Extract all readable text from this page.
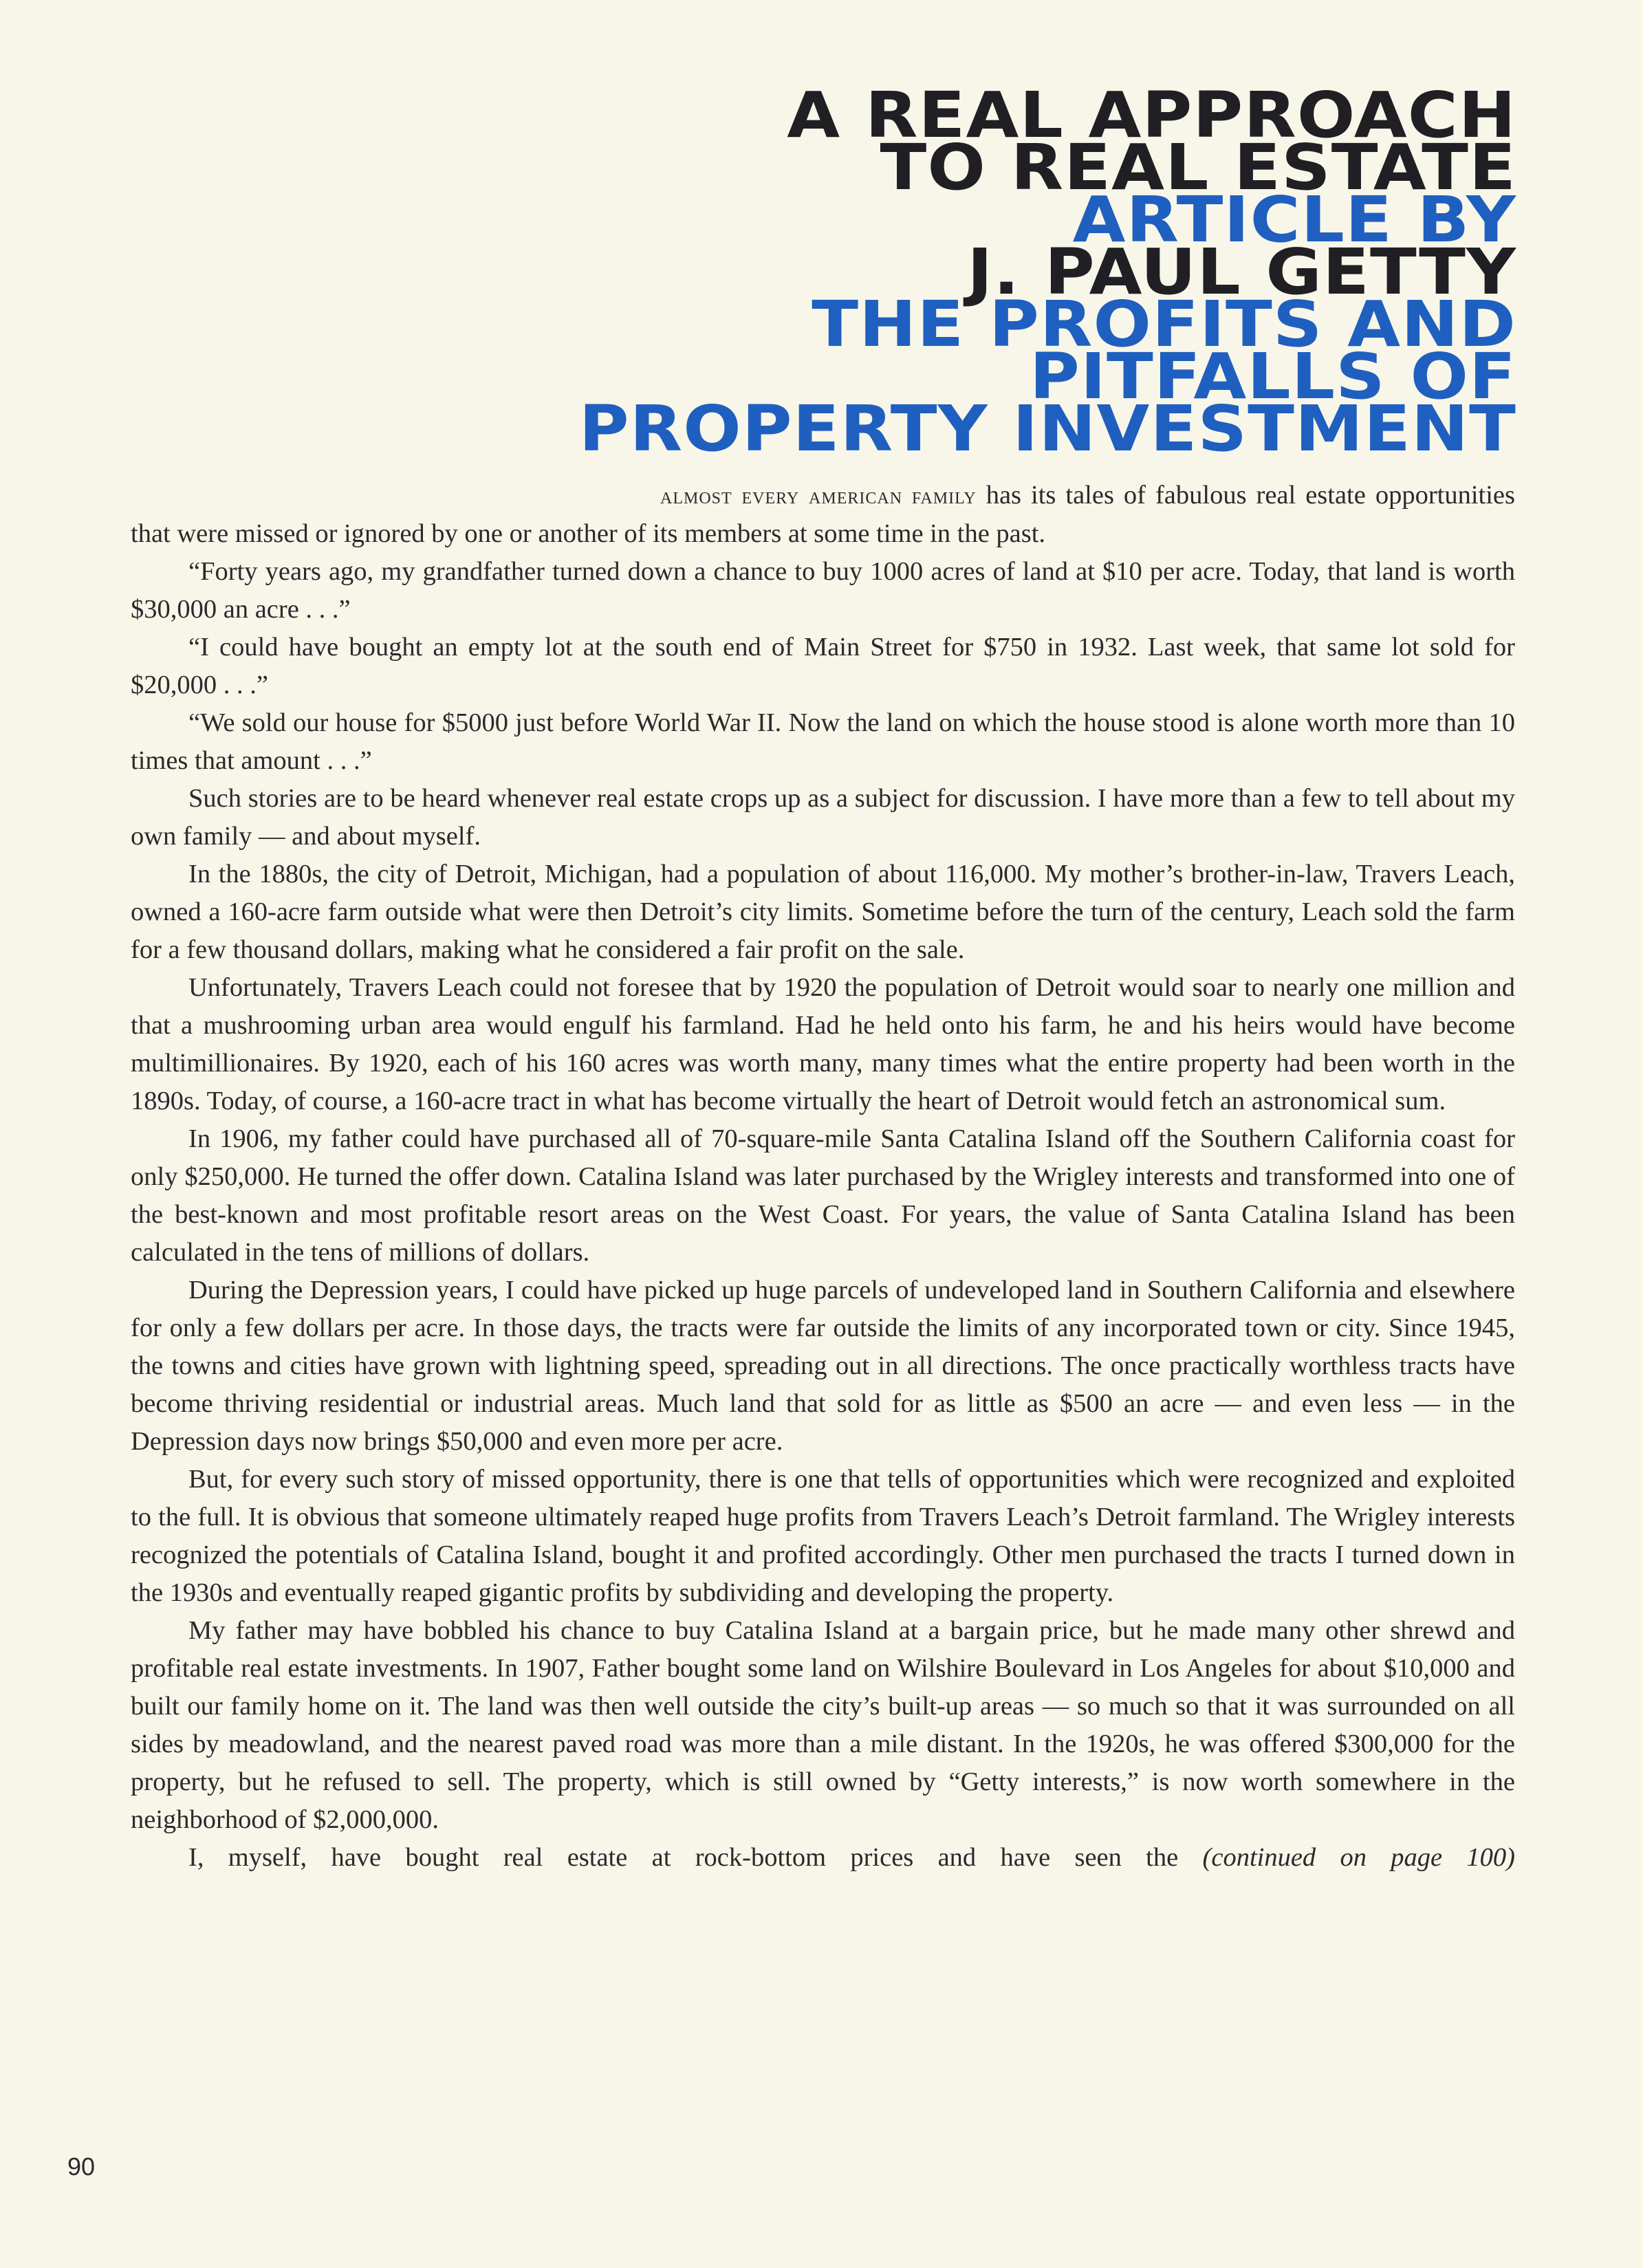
A REAL APPROACH
TO REAL ESTATE
ARTICLE BY
J. PAUL GETTY
THE PROFITS AND
PITFALLS OF
PROPERTY INVESTMENT

almost every american family has its tales of fabulous real estate opportunities that were missed or ignored by one or another of its members at some time in the past.

“Forty years ago, my grandfather turned down a chance to buy 1000 acres of land at $10 per acre. Today, that land is worth $30,000 an acre . . .”

“I could have bought an empty lot at the south end of Main Street for $750 in 1932. Last week, that same lot sold for $20,000 . . .”

“We sold our house for $5000 just before World War II. Now the land on which the house stood is alone worth more than 10 times that amount . . .”

Such stories are to be heard whenever real estate crops up as a subject for discussion. I have more than a few to tell about my own family — and about myself.

In the 1880s, the city of Detroit, Michigan, had a population of about 116,000. My mother’s brother-in-law, Travers Leach, owned a 160-acre farm outside what were then Detroit’s city limits. Sometime before the turn of the century, Leach sold the farm for a few thousand dollars, making what he considered a fair profit on the sale.

Unfortunately, Travers Leach could not foresee that by 1920 the population of Detroit would soar to nearly one million and that a mushrooming urban area would engulf his farmland. Had he held onto his farm, he and his heirs would have become multimillionaires. By 1920, each of his 160 acres was worth many, many times what the entire property had been worth in the 1890s. Today, of course, a 160-acre tract in what has become virtually the heart of Detroit would fetch an astronomical sum.

In 1906, my father could have purchased all of 70-square-mile Santa Catalina Island off the Southern California coast for only $250,000. He turned the offer down. Catalina Island was later purchased by the Wrigley interests and transformed into one of the best-known and most profitable resort areas on the West Coast. For years, the value of Santa Catalina Island has been calculated in the tens of millions of dollars.

During the Depression years, I could have picked up huge parcels of undeveloped land in Southern California and elsewhere for only a few dollars per acre. In those days, the tracts were far outside the limits of any incorporated town or city. Since 1945, the towns and cities have grown with lightning speed, spreading out in all directions. The once practically worthless tracts have become thriving residential or industrial areas. Much land that sold for as little as $500 an acre — and even less — in the Depression days now brings $50,000 and even more per acre.

But, for every such story of missed opportunity, there is one that tells of opportunities which were recognized and exploited to the full. It is obvious that someone ultimately reaped huge profits from Travers Leach’s Detroit farmland. The Wrigley interests recognized the potentials of Catalina Island, bought it and profited accordingly. Other men purchased the tracts I turned down in the 1930s and eventually reaped gigantic profits by subdividing and developing the property.

My father may have bobbled his chance to buy Catalina Island at a bargain price, but he made many other shrewd and profitable real estate investments. In 1907, Father bought some land on Wilshire Boulevard in Los Angeles for about $10,000 and built our family home on it. The land was then well outside the city’s built-up areas — so much so that it was surrounded on all sides by meadowland, and the nearest paved road was more than a mile distant. In the 1920s, he was offered $300,000 for the property, but he refused to sell. The property, which is still owned by “Getty interests,” is now worth somewhere in the neighborhood of $2,000,000.

I, myself, have bought real estate at rock-bottom prices and have seen the (continued on page 100)

90
